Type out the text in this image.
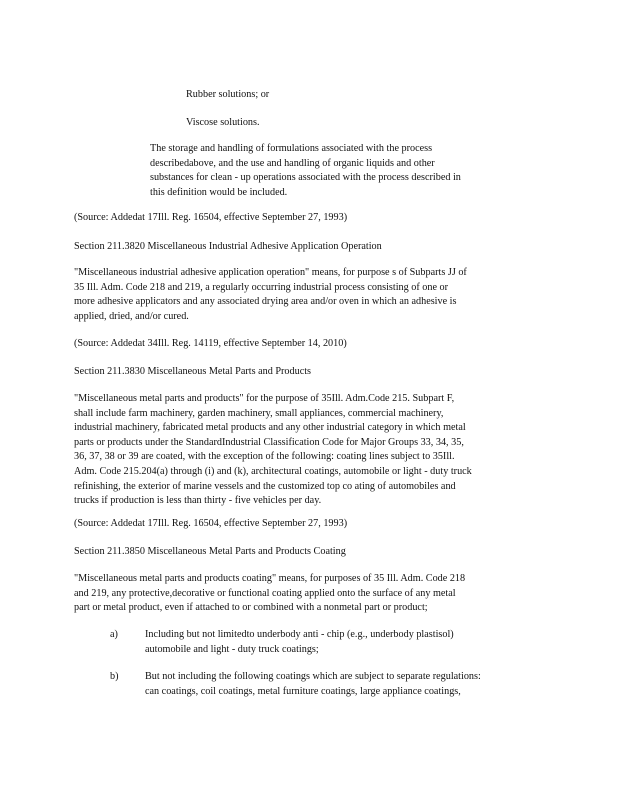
Rubber solutions; or
Viscose solutions.
The storage and handling of formulations associated with the process
describedabove, and the use and handling of organic liquids and other
substances for clean - up operations associated with the process described in
this definition would be included.
(Source: Addedat 17Ill. Reg. 16504, effective September 27, 1993)
Section 211.3820 Miscellaneous Industrial Adhesive Application Operation
"Miscellaneous industrial adhesive application operation" means, for purpose s of Subparts JJ of
35 Ill. Adm. Code 218 and 219, a regularly occurring industrial process consisting of one or
more adhesive applicators and any associated drying area and/or oven in which an adhesive is
applied, dried, and/or cured.
(Source: Addedat 34Ill. Reg. 14119, effective September 14, 2010)
Section 211.3830 Miscellaneous Metal Parts and Products
"Miscellaneous metal parts and products" for the purpose of 35Ill. Adm.Code 215. Subpart F,
shall include farm machinery, garden machinery, small appliances, commercial machinery,
industrial machinery, fabricated metal products and any other industrial category in which metal
parts or products under the StandardIndustrial Classification Code for Major Groups 33, 34, 35,
36, 37, 38 or 39 are coated, with the exception of the following: coating lines subject to 35Ill.
Adm. Code 215.204(a) through (i) and (k), architectural coatings, automobile or light - duty truck
refinishing, the exterior of marine vessels and the customized top co ating of automobiles and
trucks if production is less than thirty - five vehicles per day.
(Source: Addedat 17Ill. Reg. 16504, effective September 27, 1993)
Section 211.3850 Miscellaneous Metal Parts and Products Coating
"Miscellaneous metal parts and products coating" means, for purposes of 35 Ill. Adm. Code 218
and 219, any protective,decorative or functional coating applied onto the surface of any metal
part or metal product, even if attached to or combined with a nonmetal part or product;
a)	Including but not limitedto underbody anti - chip (e.g., underbody plastisol)
automobile and light - duty truck coatings;
b)	But not including the following coatings which are subject to separate regulations:
can coatings, coil coatings, metal furniture coatings, large appliance coatings,
